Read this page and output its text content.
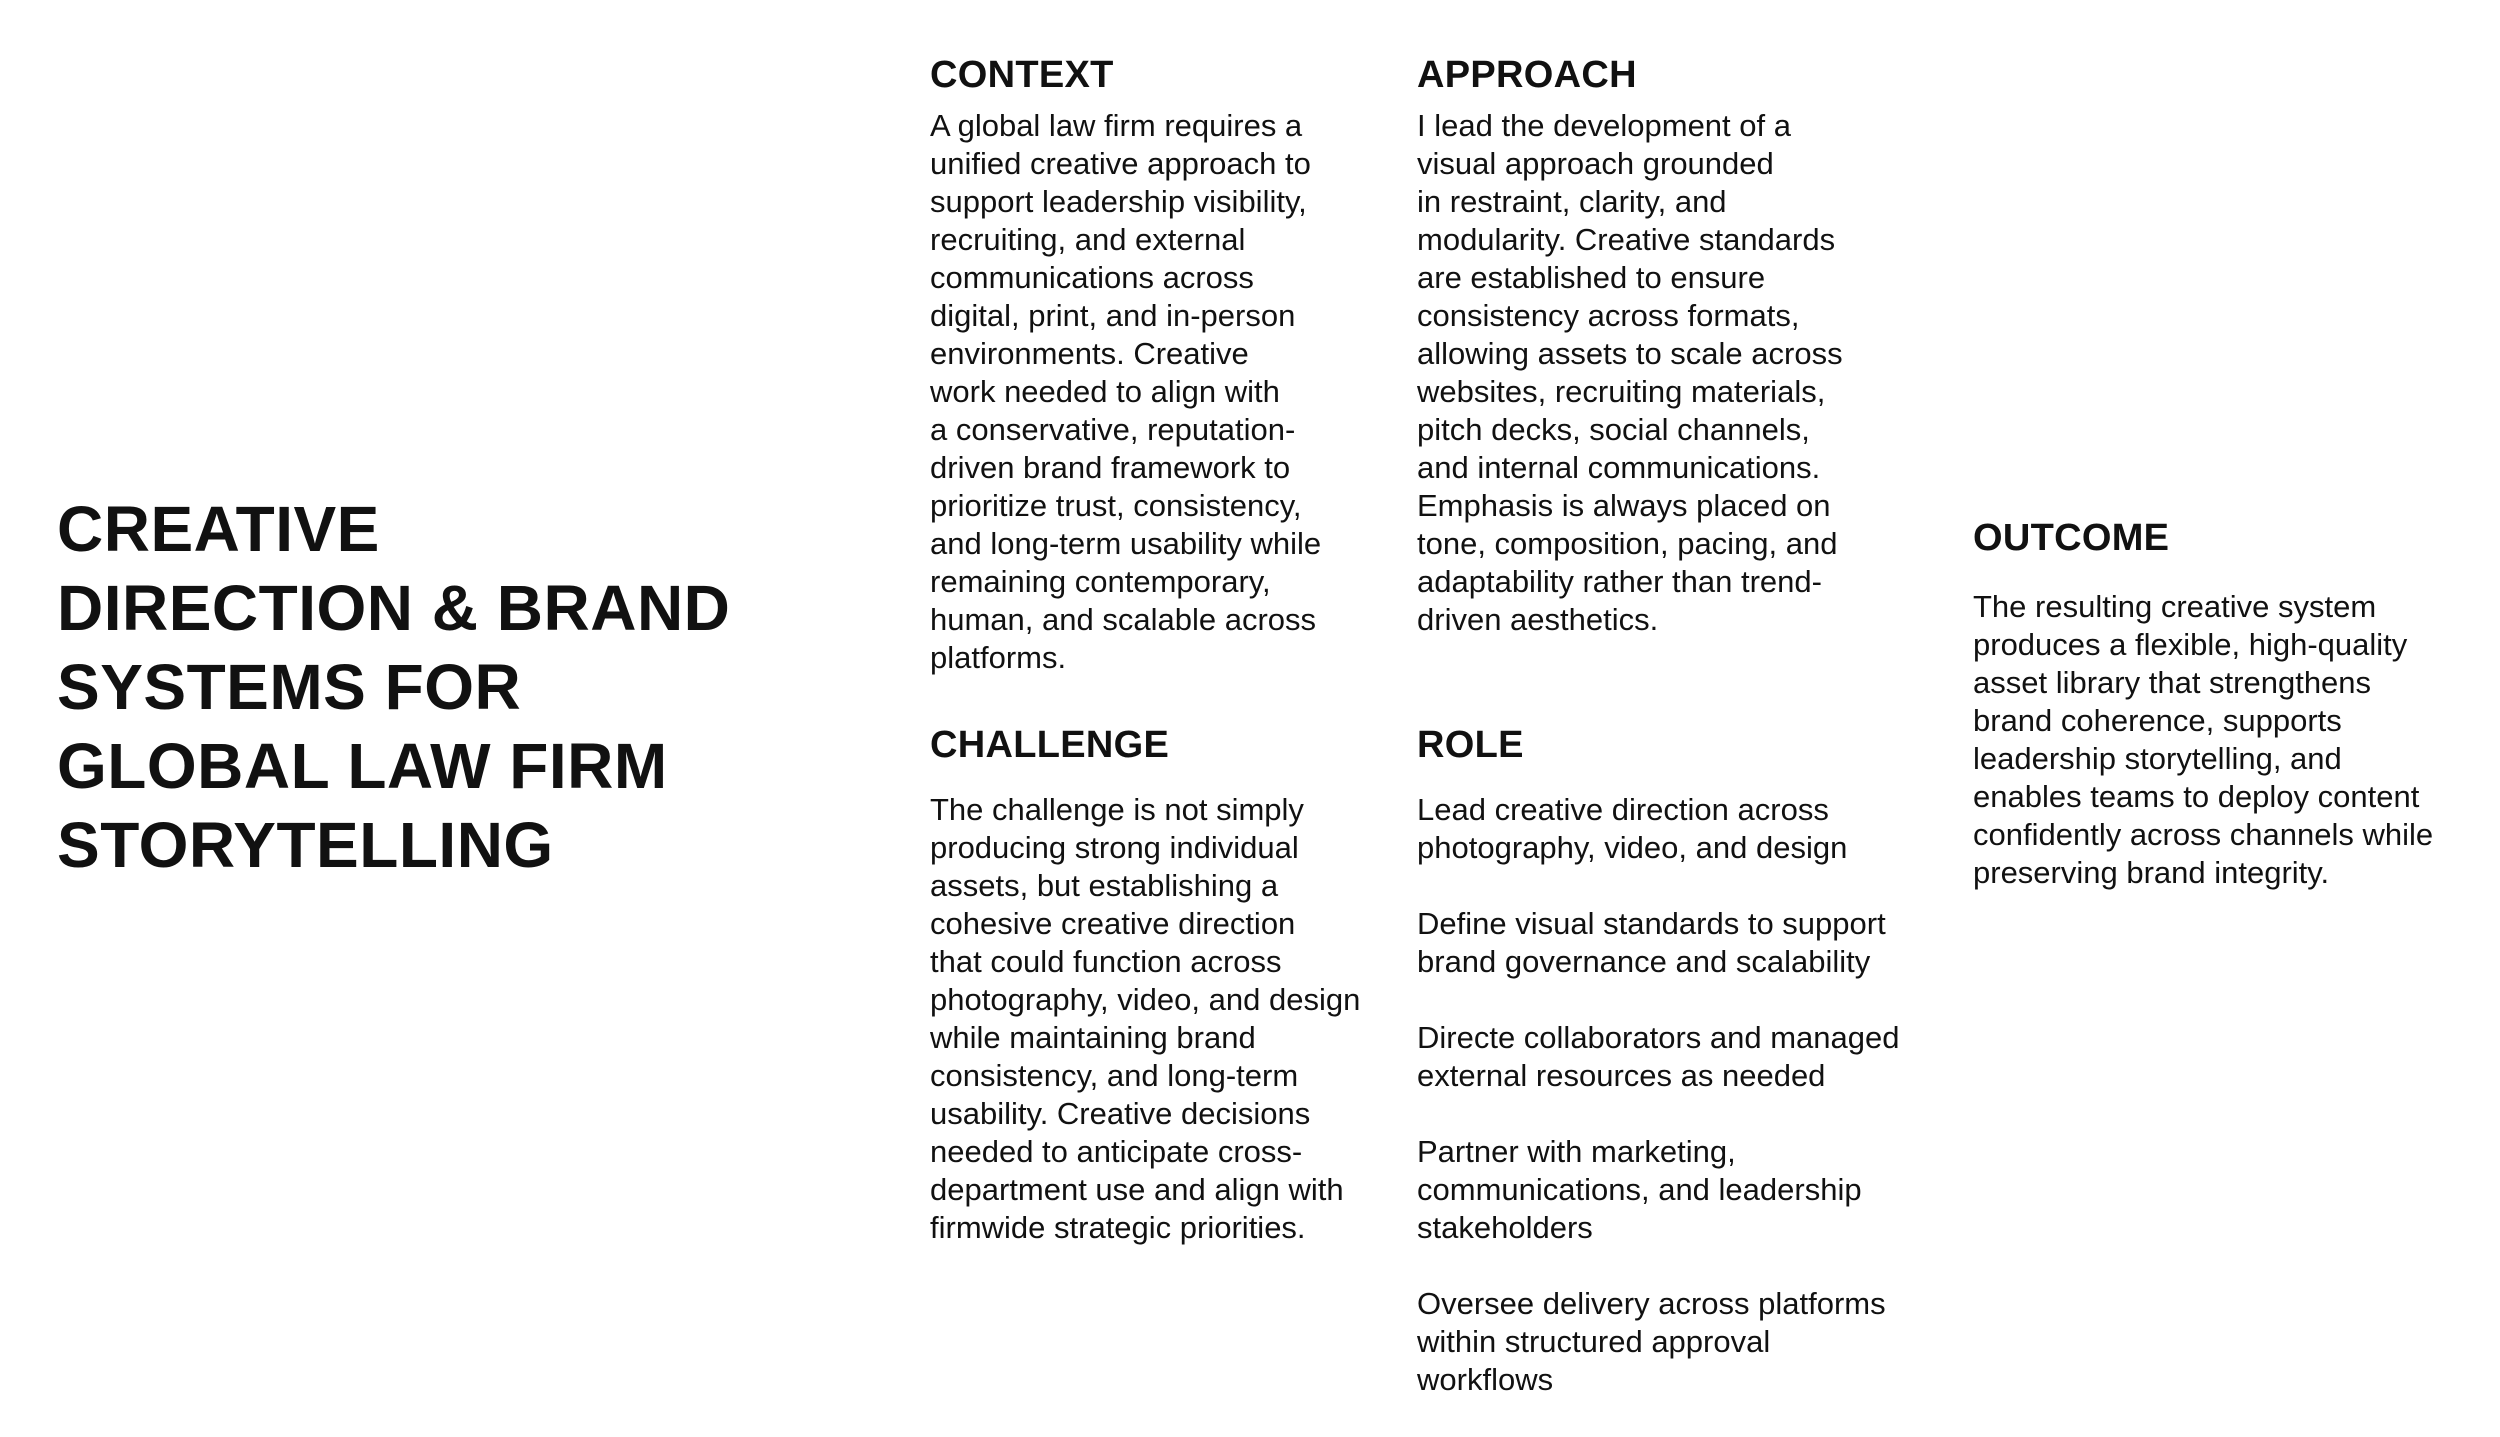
CREATIVE
DIRECTION & BRAND
SYSTEMS FOR
GLOBAL LAW FIRM
STORYTELLING
CONTEXT

A global law firm requires a
unified creative approach to
support leadership visibility,
recruiting, and external
communications across
digital, print, and in-person
environments. Creative
work needed to align with
a conservative, reputation-
driven brand framework to
prioritize trust, consistency,
and long-term usability while
remaining contemporary,
human, and scalable across
platforms.

APPROACH

I lead the development of a
visual approach grounded
in restraint, clarity, and
modularity. Creative standards
are established to ensure
consistency across formats,
allowing assets to scale across
websites, recruiting materials,
pitch decks, social channels,
and internal communications.
Emphasis is always placed on
tone, composition, pacing, and
adaptability rather than trend-
driven aesthetics.

CHALLENGE

The challenge is not simply
producing strong individual
assets, but establishing a
cohesive creative direction
that could function across
photography, video, and design
while maintaining brand
consistency, and long-term
usability. Creative decisions
needed to anticipate cross-
department use and align with
firmwide strategic priorities.

ROLE
Lead creative direction across
photography, video, and design
Define visual standards to support
brand governance and scalability
Directe collaborators and managed
external resources as needed
Partner with marketing,
communications, and leadership
stakeholders
Oversee delivery across platforms
within structured approval
workflows
OUTCOME

The resulting creative system
produces a flexible, high-quality
asset library that strengthens
brand coherence, supports
leadership storytelling, and
enables teams to deploy content
confidently across channels while
preserving brand integrity.
